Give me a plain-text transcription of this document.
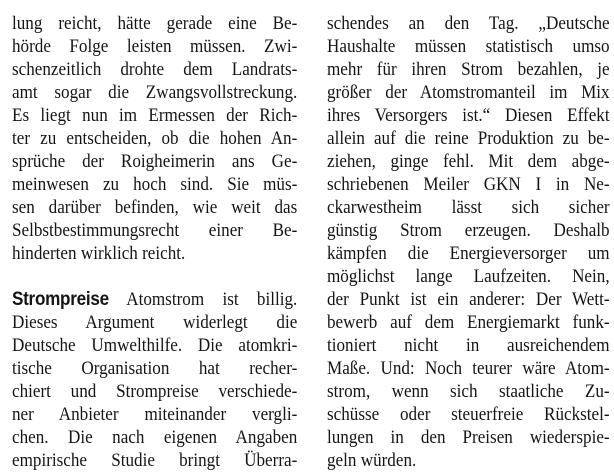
lung reicht, hätte gerade eine Be-
hörde Folge leisten müssen. Zwi-
schenzeitlich drohte dem Landrats-
amt sogar die Zwangsvollstreckung.
Es liegt nun im Ermessen der Rich-
ter zu entscheiden, ob die hohen An-
sprüche der Roigheimerin ans Ge-
meinwesen zu hoch sind. Sie müs-
sen darüber befinden, wie weit das
Selbstbestimmungsrecht einer Be-
hinderten wirklich reicht.
Strompreise Atomstrom ist billig.
Dieses Argument widerlegt die
Deutsche Umwelthilfe. Die atomkri-
tische Organisation hat recher-
chiert und Strompreise verschiede-
ner Anbieter miteinander vergli-
chen. Die nach eigenen Angaben
empirische Studie bringt Überra-
schendes an den Tag. „Deutsche
Haushalte müssen statistisch umso
mehr für ihren Strom bezahlen, je
größer der Atomstromanteil im Mix
ihres Versorgers ist.“ Diesen Effekt
allein auf die reine Produktion zu be-
ziehen, ginge fehl. Mit dem abge-
schriebenen Meiler GKN I in Ne-
ckarwestheim lässt sich sicher
günstig Strom erzeugen. Deshalb
kämpfen die Energieversorger um
möglichst lange Laufzeiten. Nein,
der Punkt ist ein anderer: Der Wett-
bewerb auf dem Energiemarkt funk-
tioniert nicht in ausreichendem
Maße. Und: Noch teurer wäre Atom-
strom, wenn sich staatliche Zu-
schüsse oder steuerfreie Rückstel-
lungen in den Preisen wiederspie-
geln würden.
